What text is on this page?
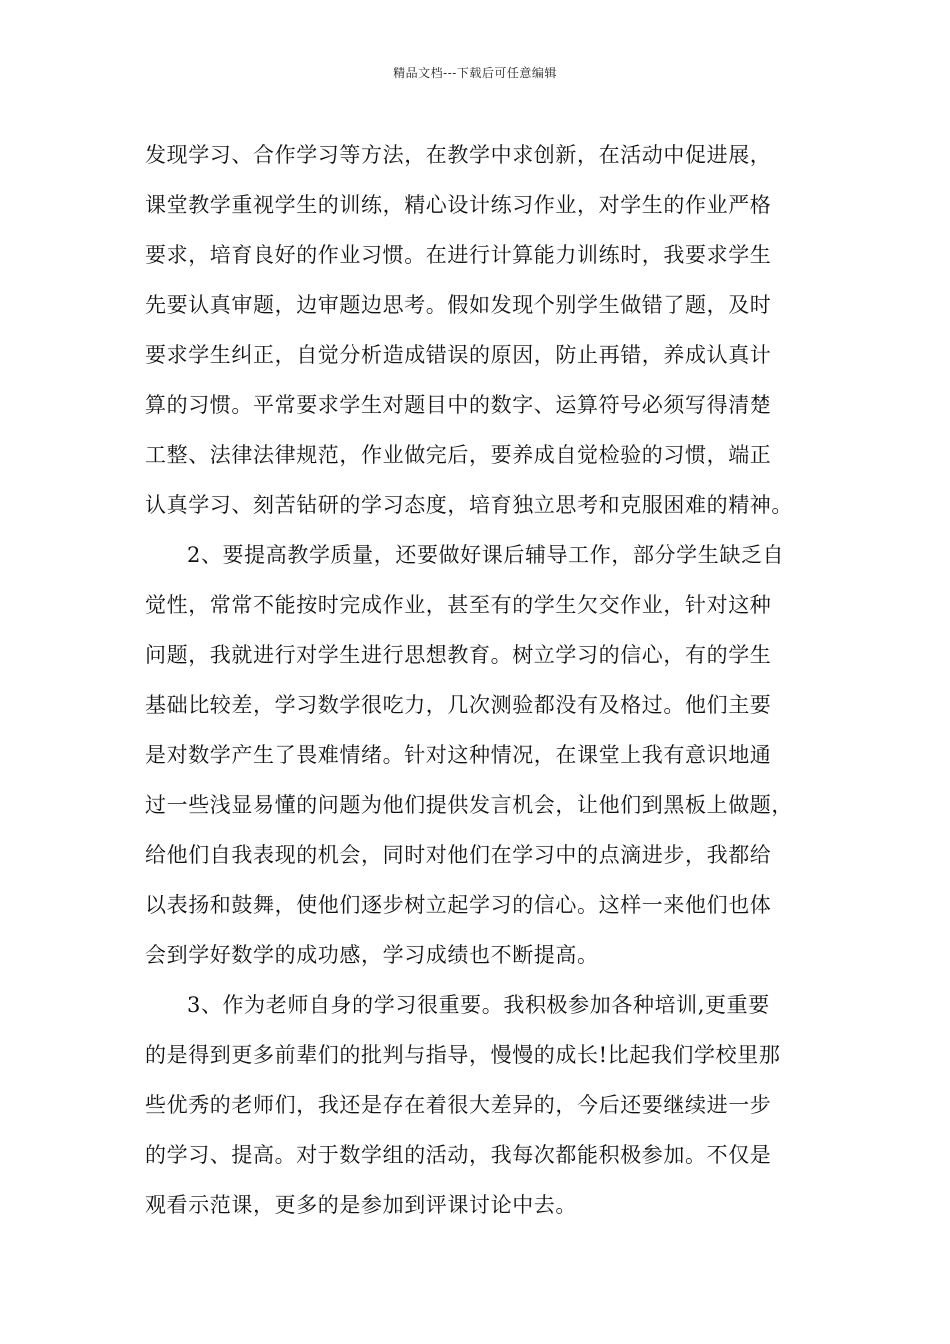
精品文档---下载后可任意编辑
发现学习、合作学习等方法，在教学中求创新，在活动中促进展，
课堂教学重视学生的训练，精心设计练习作业，对学生的作业严格
要求，培育良好的作业习惯。在进行计算能力训练时，我要求学生
先要认真审题，边审题边思考。假如发现个别学生做错了题，及时
要求学生纠正，自觉分析造成错误的原因，防止再错，养成认真计
算的习惯。平常要求学生对题目中的数字、运算符号必须写得清楚
工整、法律法律规范，作业做完后，要养成自觉检验的习惯，端正
认真学习、刻苦钻研的学习态度，培育独立思考和克服困难的精神。
2、要提高教学质量，还要做好课后辅导工作，部分学生缺乏自
觉性，常常不能按时完成作业，甚至有的学生欠交作业，针对这种
问题，我就进行对学生进行思想教育。树立学习的信心，有的学生
基础比较差，学习数学很吃力，几次测验都没有及格过。他们主要
是对数学产生了畏难情绪。针对这种情况，在课堂上我有意识地通
过一些浅显易懂的问题为他们提供发言机会，让他们到黑板上做题，
给他们自我表现的机会，同时对他们在学习中的点滴进步，我都给
以表扬和鼓舞，使他们逐步树立起学习的信心。这样一来他们也体
会到学好数学的成功感，学习成绩也不断提高。
3、作为老师自身的学习很重要。我积极参加各种培训,更重要
的是得到更多前辈们的批判与指导，慢慢的成长!比起我们学校里那
些优秀的老师们，我还是存在着很大差异的，今后还要继续进一步
的学习、提高。对于数学组的活动，我每次都能积极参加。不仅是
观看示范课，更多的是参加到评课讨论中去。
